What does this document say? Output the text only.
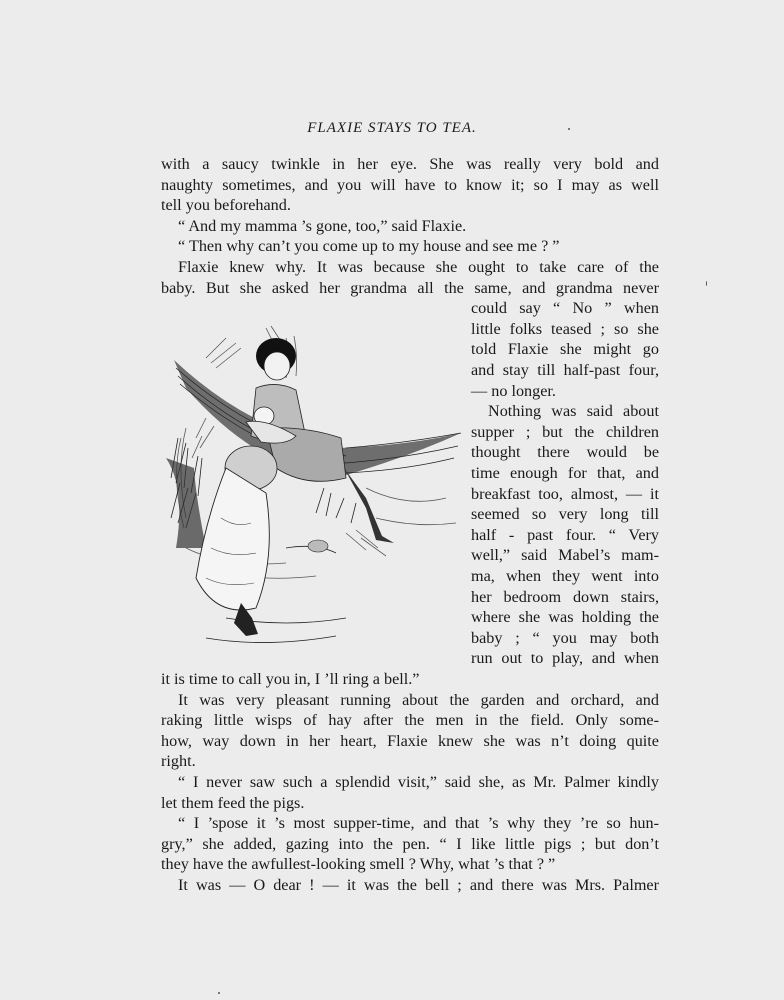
FLAXIE STAYS TO TEA.
with a saucy twinkle in her eye. She was really very bold and
naughty sometimes, and you will have to know it; so I may as well
tell you beforehand.
“ And my mamma ’s gone, too,” said Flaxie.
“ Then why can’t you come up to my house and see me ? ”
Flaxie knew why. It was because she ought to take care of the
baby. But she asked her grandma all the same, and grandma never
could say “ No ” when
little folks teased ; so she
told Flaxie she might go
and stay till half-past four,
— no longer.
Nothing was said about
supper ; but the children
thought there would be
time enough for that, and
breakfast too, almost, — it
seemed so very long till
half - past four. “ Very
well,” said Mabel’s mam-
ma, when they went into
her bedroom down stairs,
where she was holding the
baby ; “ you may both
run out to play, and when
it is time to call you in, I ’ll ring a bell.”
It was very pleasant running about the garden and orchard, and
raking little wisps of hay after the men in the field. Only some-
how, way down in her heart, Flaxie knew she was n’t doing quite
right.
“ I never saw such a splendid visit,” said she, as Mr. Palmer kindly
let them feed the pigs.
“ I ’spose it ’s most supper-time, and that ’s why they ’re so hun-
gry,” she added, gazing into the pen. “ I like little pigs ; but don’t
they have the awfullest-looking smell ? Why, what ’s that ? ”
It was — O dear ! — it was the bell ; and there was Mrs. Palmer
